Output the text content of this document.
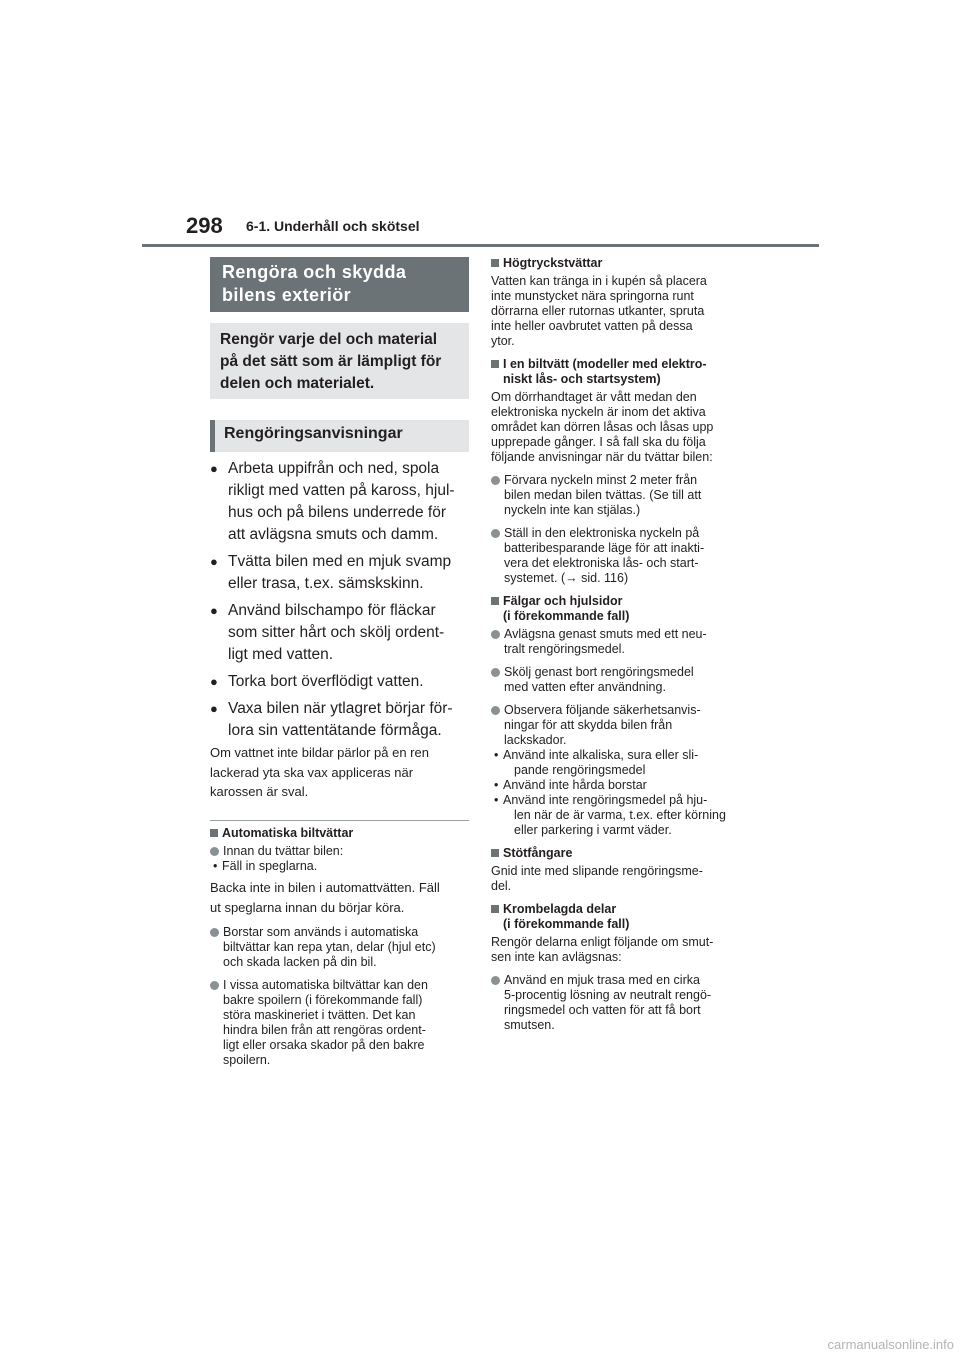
298 6-1. Underhåll och skötsel
Rengöra och skydda
bilens exteriör
Rengör varje del och material
på det sätt som är lämpligt för
delen och materialet.
Rengöringsanvisningar
● Arbeta uppifrån och ned, spola
rikligt med vatten på kaross, hjul-
hus och på bilens underrede för
att avlägsna smuts och damm.
● Tvätta bilen med en mjuk svamp
eller trasa, t.ex. sämskskinn.
● Använd bilschampo för fläckar
som sitter hårt och skölj ordent-
ligt med vatten.
● Torka bort överflödigt vatten.
● Vaxa bilen när ytlagret börjar för-
lora sin vattentätande förmåga.
Om vattnet inte bildar pärlor på en ren
lackerad yta ska vax appliceras när
karossen är sval.
Automatiska biltvättar
Innan du tvättar bilen:
• Fäll in speglarna.
Backa inte in bilen i automattvätten. Fäll
ut speglarna innan du börjar köra.
Borstar som används i automatiska
biltvättar kan repa ytan, delar (hjul etc)
och skada lacken på din bil.
I vissa automatiska biltvättar kan den
bakre spoilern (i förekommande fall)
störa maskineriet i tvätten. Det kan
hindra bilen från att rengöras ordent-
ligt eller orsaka skador på den bakre
spoilern.
Högtryckstvättar
Vatten kan tränga in i kupén så placera
inte munstycket nära springorna runt
dörrarna eller rutornas utkanter, spruta
inte heller oavbrutet vatten på dessa
ytor.
I en biltvätt (modeller med elektro-
niskt lås- och startsystem)
Om dörrhandtaget är vått medan den
elektroniska nyckeln är inom det aktiva
området kan dörren låsas och låsas upp
upprepade gånger. I så fall ska du följa
följande anvisningar när du tvättar bilen:
Förvara nyckeln minst 2 meter från
bilen medan bilen tvättas. (Se till att
nyckeln inte kan stjälas.)
Ställ in den elektroniska nyckeln på
batteribesparande läge för att inakti-
vera det elektroniska lås- och start-
systemet. (→ sid. 116)
Fälgar och hjulsidor
(i förekommande fall)
Avlägsna genast smuts med ett neu-
tralt rengöringsmedel.
Skölj genast bort rengöringsmedel
med vatten efter användning.
Observera följande säkerhetsanvis-
ningar för att skydda bilen från
lackskador.
• Använd inte alkaliska, sura eller sli-
pande rengöringsmedel
• Använd inte hårda borstar
• Använd inte rengöringsmedel på hju-
len när de är varma, t.ex. efter körning
eller parkering i varmt väder.
Stötfångare
Gnid inte med slipande rengöringsme-
del.
Krombelagda delar
(i förekommande fall)
Rengör delarna enligt följande om smut-
sen inte kan avlägsnas:
Använd en mjuk trasa med en cirka
5-procentig lösning av neutralt rengö-
ringsmedel och vatten för att få bort
smutsen.
carmanualsonline.info
